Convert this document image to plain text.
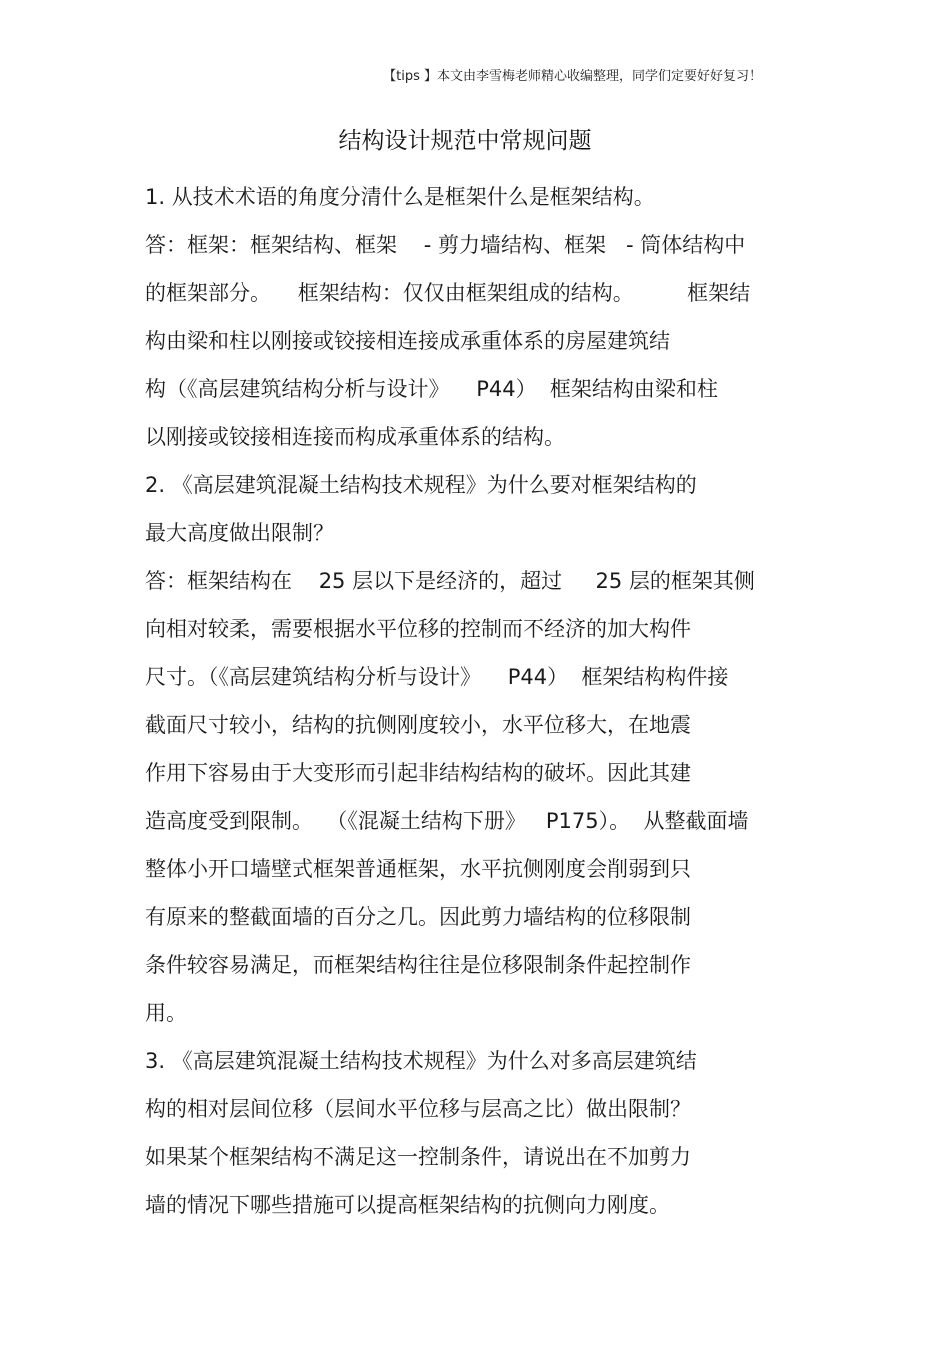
【tips 】本文由李雪梅老师精心收编整理，同学们定要好好复习！
结构设计规范中常规问题
1. 从技术术语的角度分清什么是框架什么是框架结构。
答：框架：框架结构、框架    - 剪力墙结构、框架   - 筒体结构中
的框架部分。    框架结构：仅仅由框架组成的结构。        框架结
构由梁和柱以刚接或铰接相连接成承重体系的房屋建筑结
构（《高层建筑结构分析与设计》    P44）  框架结构由梁和柱
以刚接或铰接相连接而构成承重体系的结构。
2. 《高层建筑混凝土结构技术规程》为什么要对框架结构的
最大高度做出限制？
答：框架结构在    25 层以下是经济的，超过     25 层的框架其侧
向相对较柔，需要根据水平位移的控制而不经济的加大构件
尺寸。（《高层建筑结构分析与设计》    P44）  框架结构构件接
截面尺寸较小，结构的抗侧刚度较小，水平位移大，在地震
作用下容易由于大变形而引起非结构结构的破坏。因此其建
造高度受到限制。  （《混凝土结构下册》   P175）。  从整截面墙
整体小开口墙壁式框架普通框架，水平抗侧刚度会削弱到只
有原来的整截面墙的百分之几。因此剪力墙结构的位移限制
条件较容易满足，而框架结构往往是位移限制条件起控制作
用。
3. 《高层建筑混凝土结构技术规程》为什么对多高层建筑结
构的相对层间位移（层间水平位移与层高之比）做出限制？
如果某个框架结构不满足这一控制条件，请说出在不加剪力
墙的情况下哪些措施可以提高框架结构的抗侧向力刚度。
